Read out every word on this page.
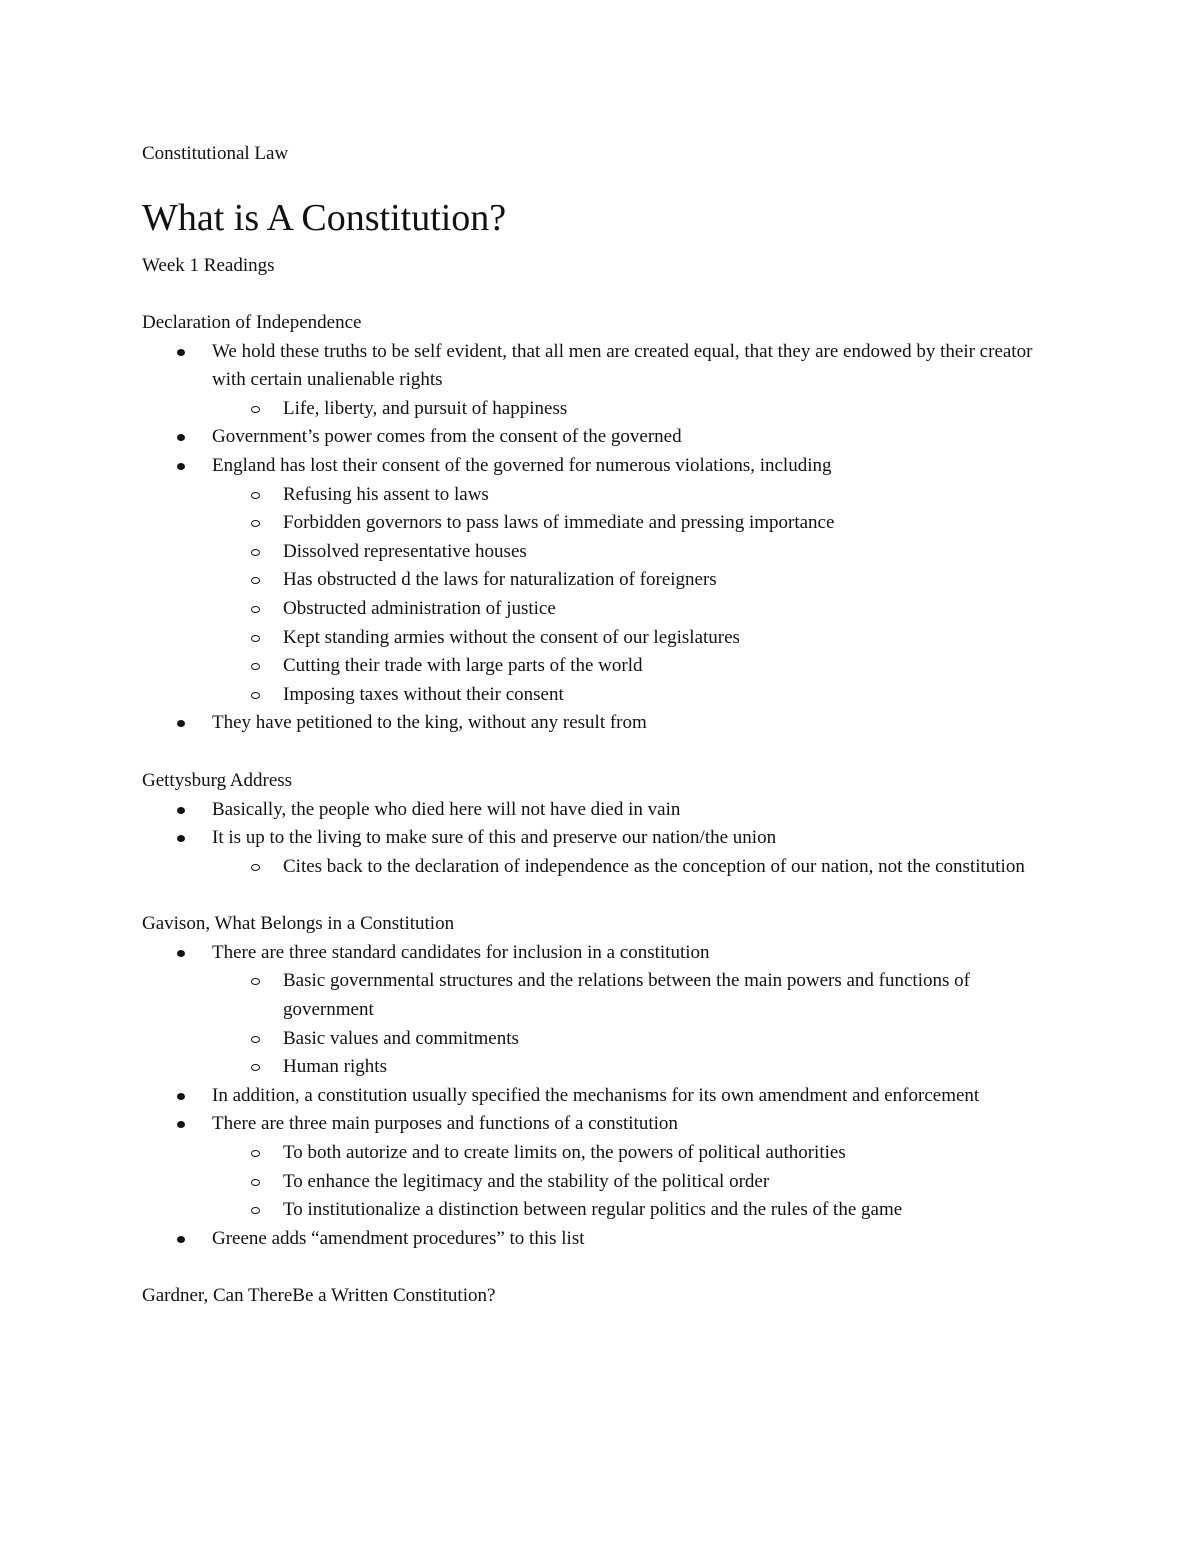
Constitutional Law

What is A Constitution?

Week 1 Readings

Declaration of Independence

We hold these truths to be self evident, that all men are created equal, that they are endowed by their creator with certain unalienable rights
Life, liberty, and pursuit of happiness
Government’s power comes from the consent of the governed
England has lost their consent of the governed for numerous violations, including
Refusing his assent to laws
Forbidden governors to pass laws of immediate and pressing importance
Dissolved representative houses
Has obstructed d the laws for naturalization of foreigners
Obstructed administration of justice
Kept standing armies without the consent of our legislatures
Cutting their trade with large parts of the world
Imposing taxes without their consent
They have petitioned to the king, without any result from

Gettysburg Address

Basically, the people who died here will not have died in vain
It is up to the living to make sure of this and preserve our nation/the union
Cites back to the declaration of independence as the conception of our nation, not the constitution

Gavison, What Belongs in a Constitution

There are three standard candidates for inclusion in a constitution
Basic governmental structures and the relations between the main powers and functions of government
Basic values and commitments
Human rights
In addition, a constitution usually specified the mechanisms for its own amendment and enforcement
There are three main purposes and functions of a constitution
To both autorize and to create limits on, the powers of political authorities
To enhance the legitimacy and the stability of the political order
To institutionalize a distinction between regular politics and the rules of the game
Greene adds “amendment procedures” to this list

Gardner, Can ThereBe a Written Constitution?
